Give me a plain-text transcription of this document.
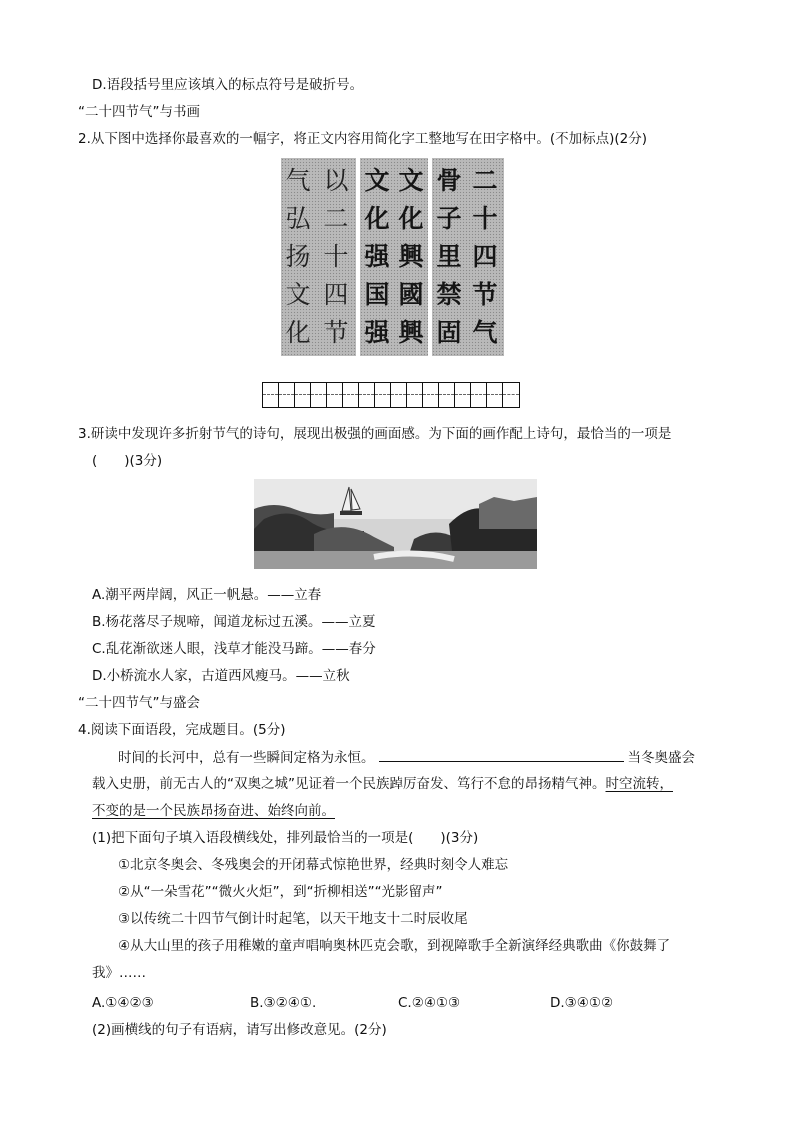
D.语段括号里应该填入的标点符号是破折号。
“二十四节气”与书画
2.从下图中选择你最喜欢的一幅字，将正文内容用简化字工整地写在田字格中。(不加标点)(2分)
气
弘
扬
文
化
以
二
十
四
节
文
化
强
国
强
文
化
興
國
興
骨
子
里
禁
固
二
十
四
节
气
3.研读中发现许多折射节气的诗句，展现出极强的画面感。为下面的画作配上诗句，最恰当的一项是
(　　)(3分)
A.潮平两岸阔，风正一帆悬。——立春
B.杨花落尽子规啼，闻道龙标过五溪。——立夏
C.乱花渐欲迷人眼，浅草才能没马蹄。——春分
D.小桥流水人家，古道西风瘦马。——立秋
“二十四节气”与盛会
4.阅读下面语段，完成题目。(5分)
时间的长河中，总有一些瞬间定格为永恒。	当冬奥盛会
载入史册，前无古人的“双奥之城”见证着一个民族踔厉奋发、笃行不怠的昂扬精气神。时空流转，
不变的是一个民族昂扬奋进、始终向前。
(1)把下面句子填入语段横线处，排列最恰当的一项是(　　)(3分)
①北京冬奥会、冬残奥会的开闭幕式惊艳世界，经典时刻令人难忘
②从“一朵雪花”“微火火炬”，到“折柳相送”“光影留声”
③以传统二十四节气倒计时起笔，以天干地支十二时辰收尾
④从大山里的孩子用稚嫩的童声唱响奥林匹克会歌，到视障歌手全新演绎经典歌曲《你鼓舞了
我》……
A.①④②③	B.③②④①.	C.②④①③	D.③④①②
(2)画横线的句子有语病，请写出修改意见。(2分)
